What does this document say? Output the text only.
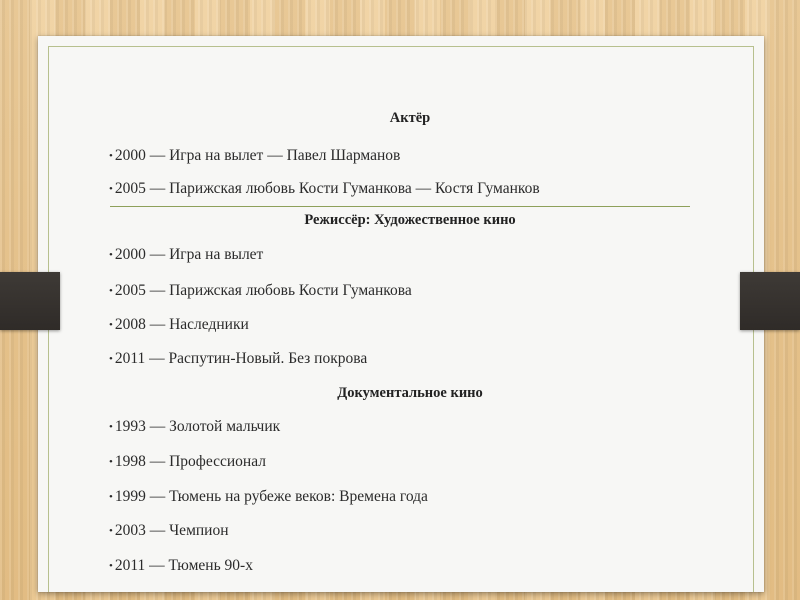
Актёр
• 2000 — Игра на вылет — Павел Шарманов
• 2005 — Парижская любовь Кости Гуманкова — Костя Гуманков
Режиссёр: Художественное кино
• 2000 — Игра на вылет
• 2005 — Парижская любовь Кости Гуманкова
• 2008 — Наследники
• 2011 — Распутин-Новый. Без покрова
Документальное кино
• 1993 — Золотой мальчик
• 1998 — Профессионал
• 1999 — Тюмень на рубеже веков: Времена года
• 2003 — Чемпион
• 2011 — Тюмень 90-х
